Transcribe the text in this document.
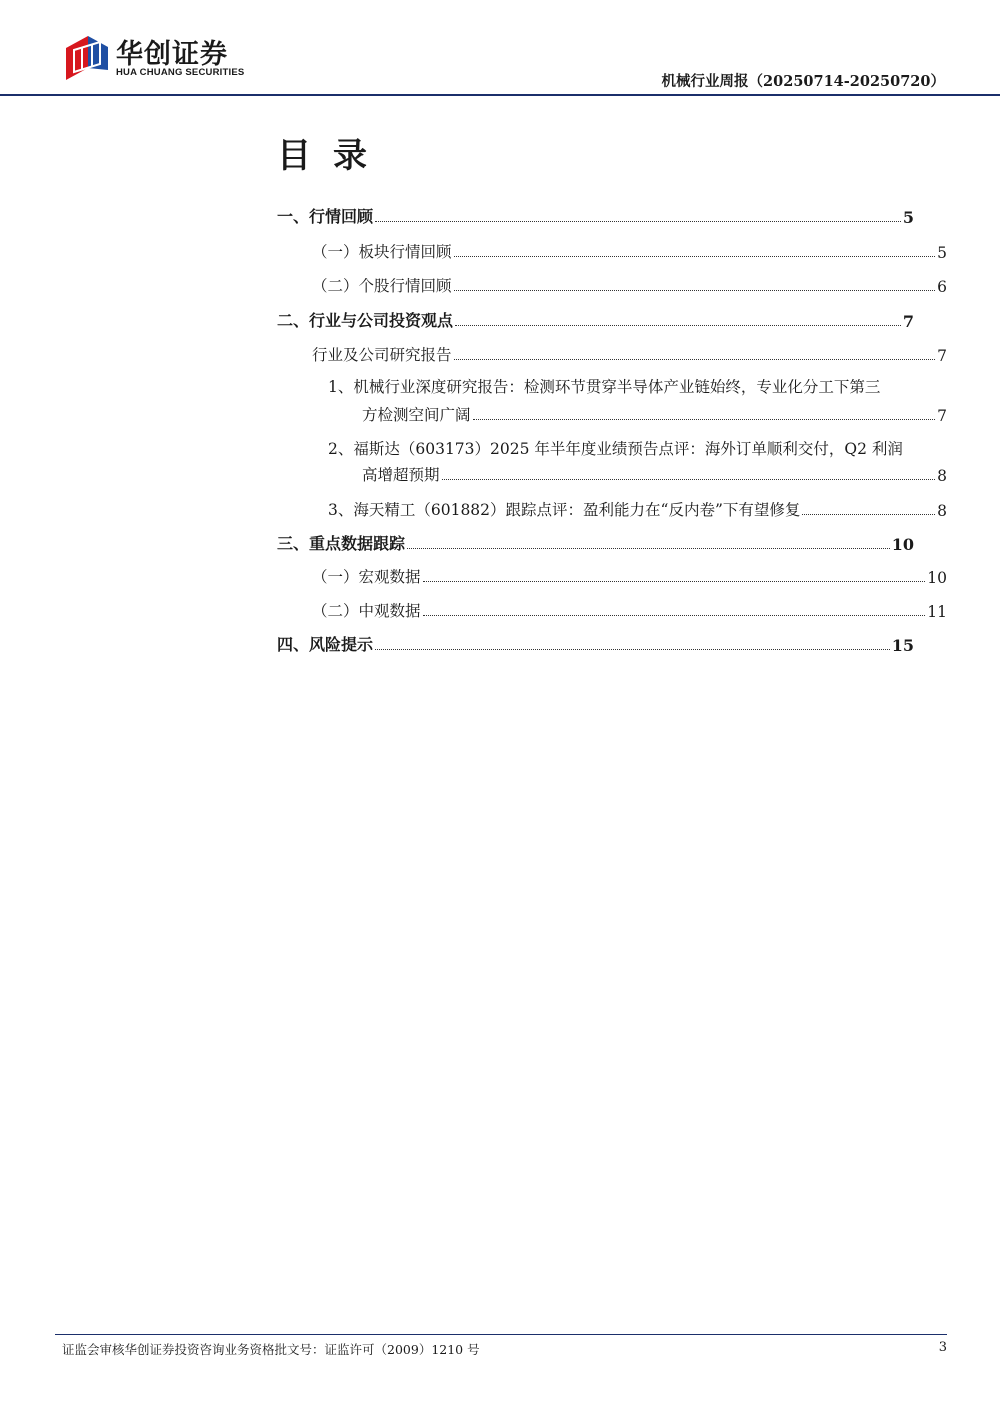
华创证券
HUA CHUANG SECURITIES
机械行业周报（20250714-20250720）
目录
一、行情回顾	5
（一）板块行情回顾	5
（二）个股行情回顾	6
二、行业与公司投资观点	7
行业及公司研究报告	7
1、机械行业深度研究报告：检测环节贯穿半导体产业链始终，专业化分工下第三
方检测空间广阔	7
2、福斯达（603173）2025 年半年度业绩预告点评：海外订单顺利交付，Q2 利润
高增超预期	8
3、海天精工（601882）跟踪点评：盈利能力在“反内卷”下有望修复	8
三、重点数据跟踪	10
（一）宏观数据	10
（二）中观数据	11
四、风险提示	15
证监会审核华创证券投资咨询业务资格批文号：证监许可（2009）1210 号	3
